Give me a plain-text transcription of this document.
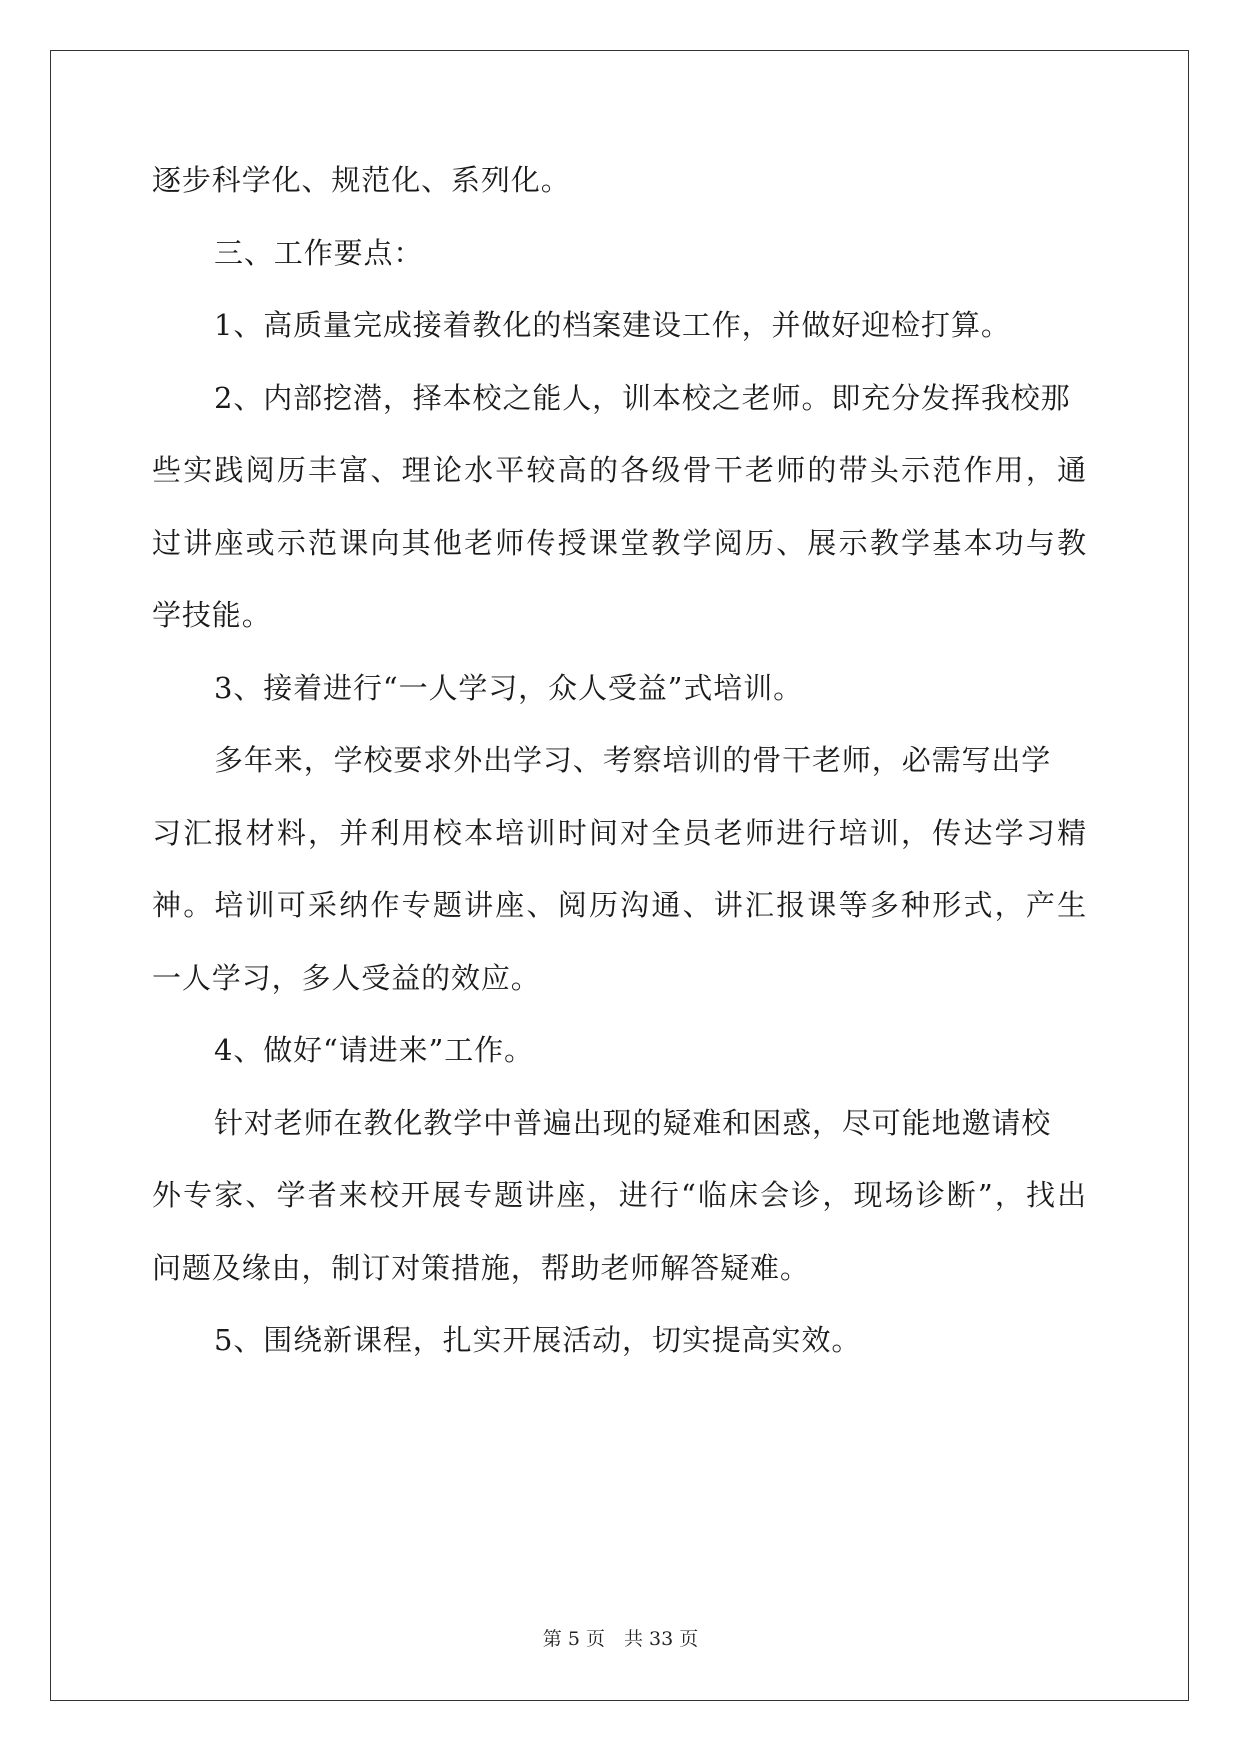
逐步科学化、规范化、系列化。
三、工作要点：
1、高质量完成接着教化的档案建设工作，并做好迎检打算。
2、内部挖潜，择本校之能人，训本校之老师。即充分发挥我校那
些实践阅历丰富、理论水平较高的各级骨干老师的带头示范作用，通
过讲座或示范课向其他老师传授课堂教学阅历、展示教学基本功与教
学技能。
3、接着进行“一人学习，众人受益”式培训。
多年来，学校要求外出学习、考察培训的骨干老师，必需写出学
习汇报材料，并利用校本培训时间对全员老师进行培训，传达学习精
神。培训可采纳作专题讲座、阅历沟通、讲汇报课等多种形式，产生
一人学习，多人受益的效应。
4、做好“请进来”工作。
针对老师在教化教学中普遍出现的疑难和困惑，尽可能地邀请校
外专家、学者来校开展专题讲座，进行“临床会诊，现场诊断”，找出
问题及缘由，制订对策措施，帮助老师解答疑难。
5、围绕新课程，扎实开展活动，切实提高实效。
第 5 页　共 33 页
